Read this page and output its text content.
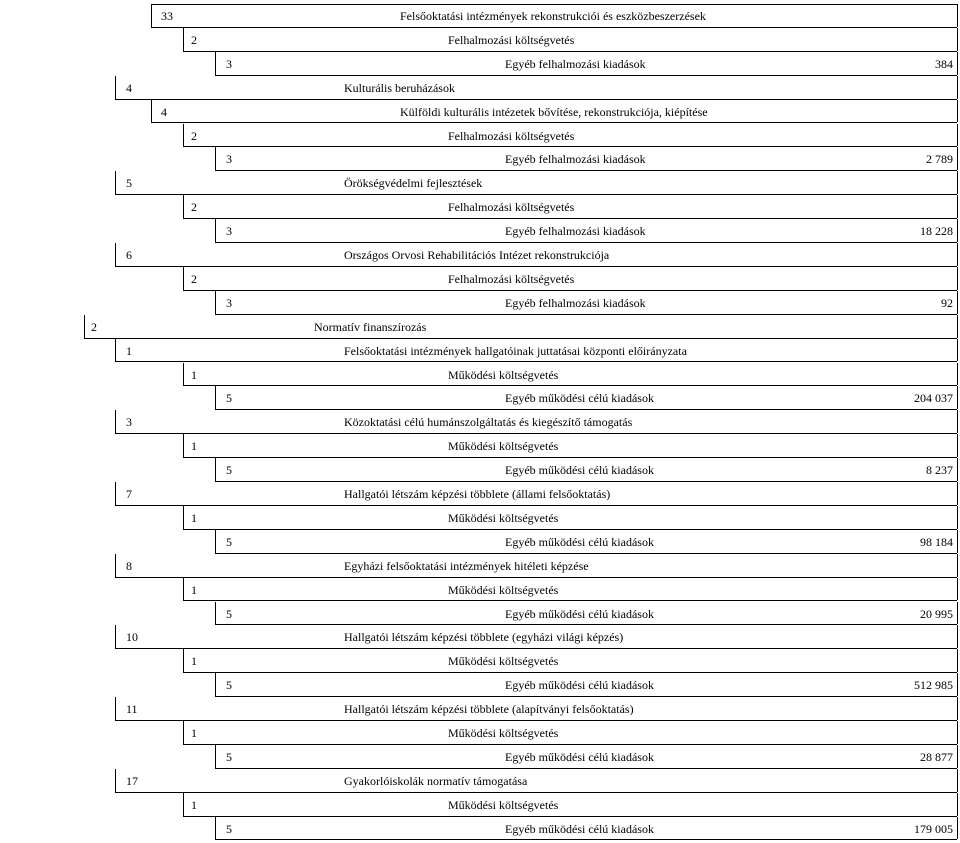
33	Felsőoktatási intézmények rekonstrukciói és eszközbeszerzések
2	Felhalmozási költségvetés
3	Egyéb felhalmozási kiadások	384
4	Kulturális beruházások
4	Külföldi kulturális intézetek bővítése, rekonstrukciója, kiépítése
2	Felhalmozási költségvetés
3	Egyéb felhalmozási kiadások	2 789
5	Örökségvédelmi fejlesztések
2	Felhalmozási költségvetés
3	Egyéb felhalmozási kiadások	18 228
6	Országos Orvosi Rehabilitációs Intézet rekonstrukciója
2	Felhalmozási költségvetés
3	Egyéb felhalmozási kiadások	92
2	Normatív finanszírozás
1	Felsőoktatási intézmények hallgatóinak juttatásai központi előirányzata
1	Működési költségvetés
5	Egyéb működési célú kiadások	204 037
3	Közoktatási célú humánszolgáltatás és kiegészítő támogatás
1	Működési költségvetés
5	Egyéb működési célú kiadások	8 237
7	Hallgatói létszám képzési többlete (állami felsőoktatás)
1	Működési költségvetés
5	Egyéb működési célú kiadások	98 184
8	Egyházi felsőoktatási intézmények hitéleti képzése
1	Működési költségvetés
5	Egyéb működési célú kiadások	20 995
10	Hallgatói létszám képzési többlete (egyházi világi képzés)
1	Működési költségvetés
5	Egyéb működési célú kiadások	512 985
11	Hallgatói létszám képzési többlete (alapítványi felsőoktatás)
1	Működési költségvetés
5	Egyéb működési célú kiadások	28 877
17	Gyakorlóiskolák normatív támogatása
1	Működési költségvetés
5	Egyéb működési célú kiadások	179 005
